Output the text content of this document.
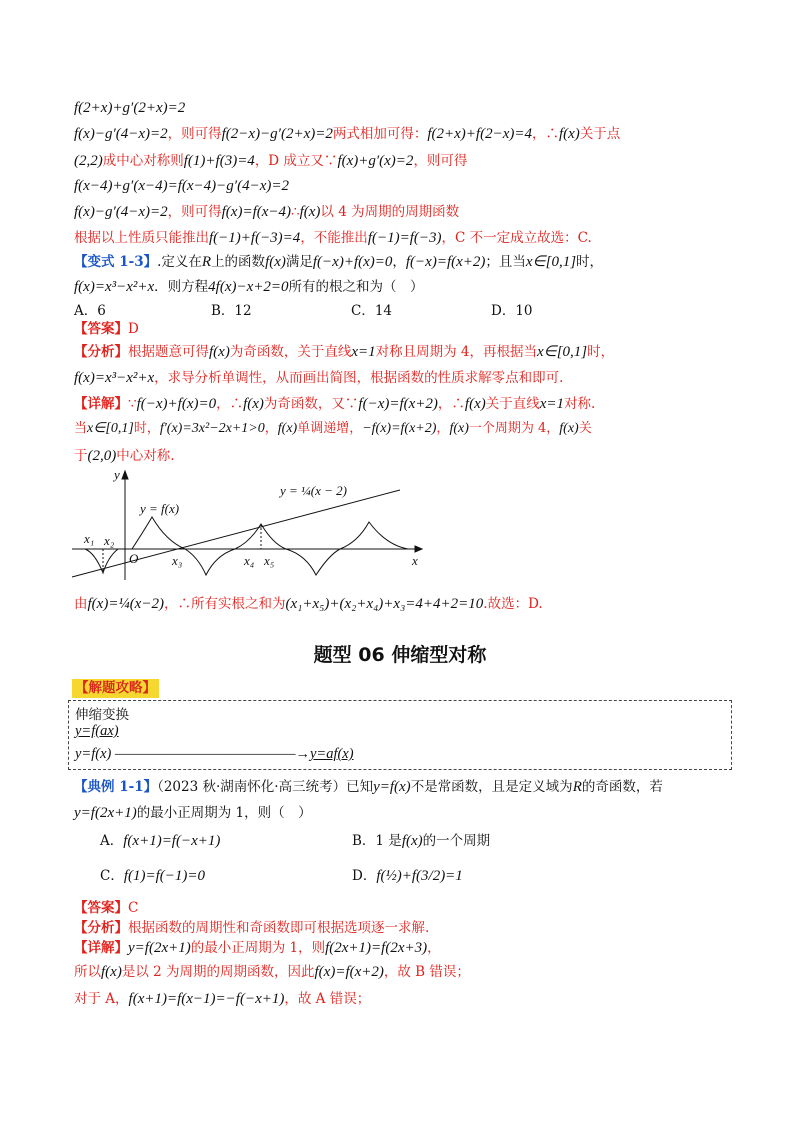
f(2+x)+g′(2+x)=2
f(x)−g′(4−x)=2，则可得f(2−x)−g′(2+x)=2两式相加可得：f(2+x)+f(2−x)=4，∴f(x)关于点
(2,2)成中心对称则f(1)+f(3)=4，D 成立又∵f(x)+g′(x)=2，则可得
f(x−4)+g′(x−4)=f(x−4)−g′(4−x)=2
f(x)−g′(4−x)=2，则可得f(x)=f(x−4)∴f(x)以 4 为周期的周期函数
根据以上性质只能推出f(−1)+f(−3)=4，不能推出f(−1)=f(−3)，C 不一定成立故选：C.
【变式 1-3】.定义在R上的函数f(x)满足f(−x)+f(x)=0，f(−x)=f(x+2)；且当x∈[0,1]时，
f(x)=x³−x²+x．则方程4f(x)−x+2=0所有的根之和为（　）
A．6	B．12	C．14	D．10
【答案】D
【分析】根据题意可得f(x)为奇函数，关于直线x=1对称且周期为 4，再根据当x∈[0,1]时，
f(x)=x³−x²+x，求导分析单调性，从而画出简图，根据函数的性质求解零点和即可.
【详解】∵f(−x)+f(x)=0，∴f(x)为奇函数，又∵f(−x)=f(x+2)，∴f(x)关于直线x=1对称.
当x∈[0,1]时，f′(x)=3x²−2x+1>0，f(x)单调递增，−f(x)=f(x+2)，f(x)一个周期为 4，f(x)关
于(2,0)中心对称.
y
x
O
y = ¼(x − 2)
y = f(x)
x₁ x₂
x₃	x₄ x₅
由f(x)=¼(x−2)，∴所有实根之和为(x₁+x₅)+(x₂+x₄)+x₃=4+4+2=10.故选：D.
题型 06 伸缩型对称
【解题攻略】
伸缩变换
y=f(ax)
y=f(x) ——————————————→y=af(x)
【典例 1-1】（2023 秋·湖南怀化·高三统考）已知y=f(x)不是常函数，且是定义域为R的奇函数，若
y=f(2x+1)的最小正周期为 1，则（　）
A．f(x+1)=f(−x+1)	B．1 是f(x)的一个周期
C．f(1)=f(−1)=0	D．f(½)+f(3/2)=1
【答案】C
【分析】根据函数的周期性和奇函数即可根据选项逐一求解.
【详解】y=f(2x+1)的最小正周期为 1，则f(2x+1)=f(2x+3)，
所以f(x)是以 2 为周期的周期函数，因此f(x)=f(x+2)，故 B 错误；
对于 A，f(x+1)=f(x−1)=−f(−x+1)，故 A 错误；
